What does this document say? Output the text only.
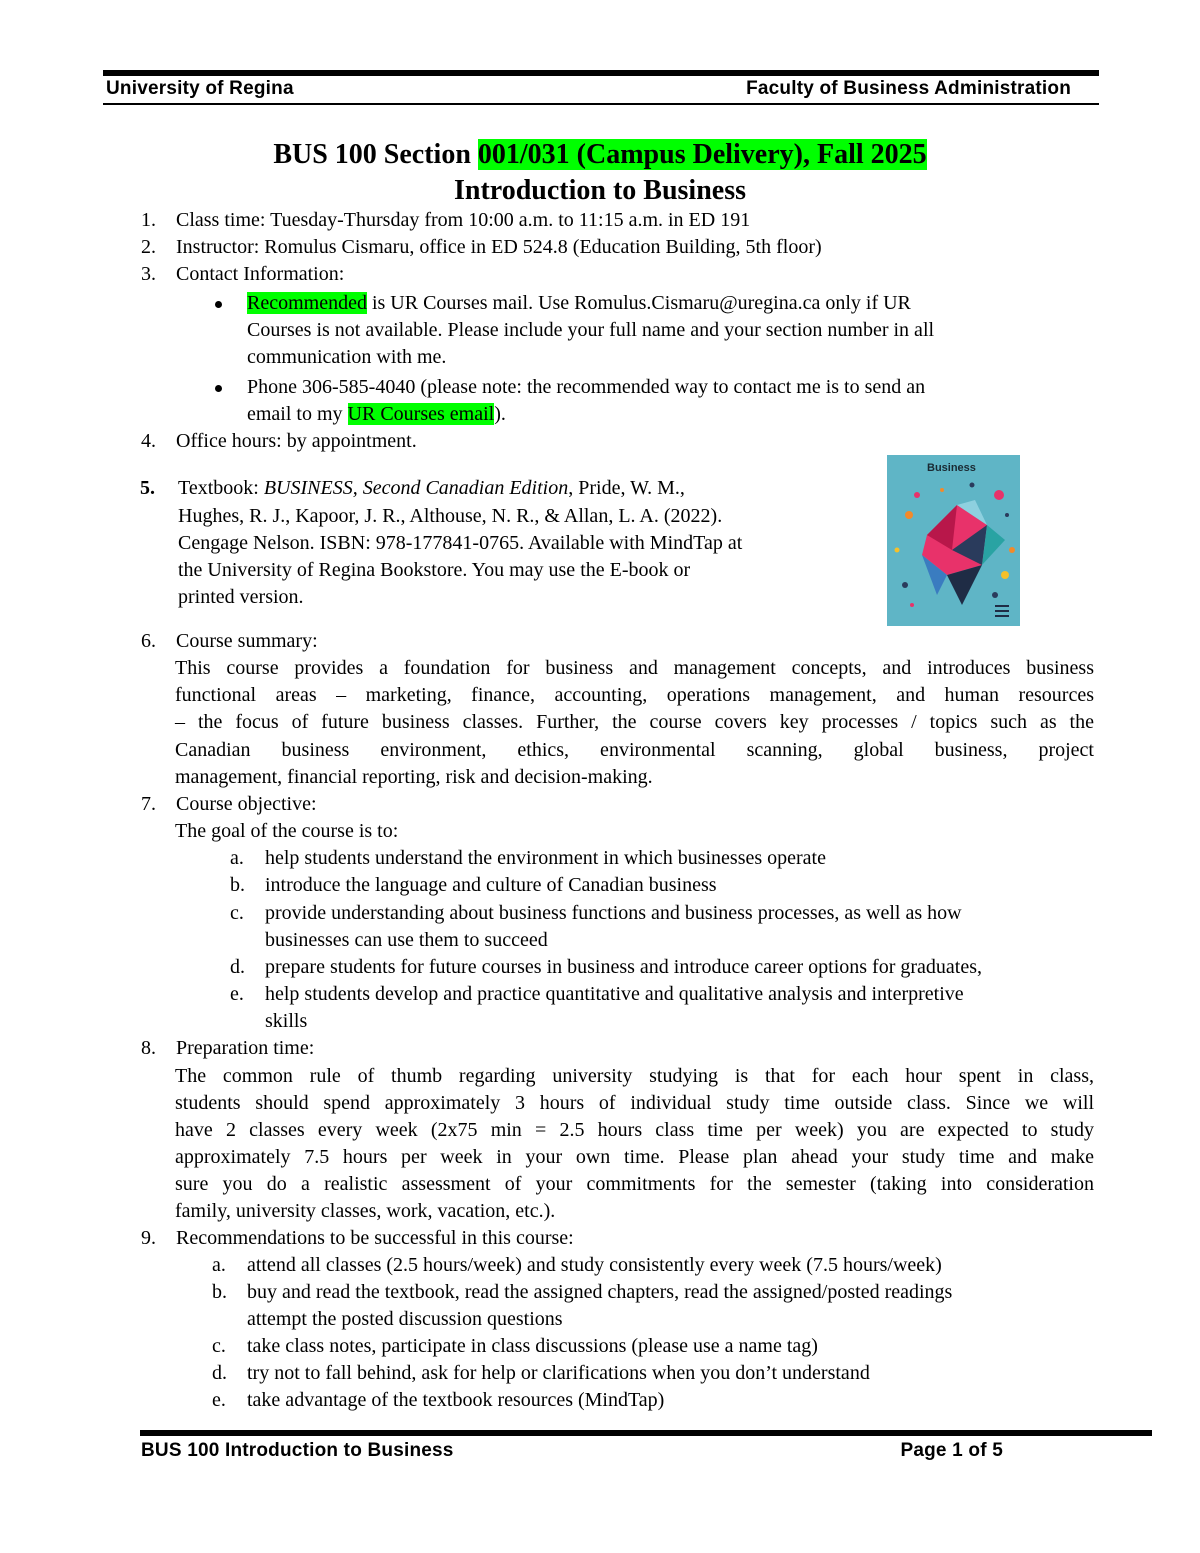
University of Regina	Faculty of Business Administration
BUS 100 Section 001/031 (Campus Delivery), Fall 2025
Introduction to Business
1. Class time: Tuesday-Thursday from 10:00 a.m. to 11:15 a.m. in ED 191
2. Instructor: Romulus Cismaru, office in ED 524.8 (Education Building, 5th floor)
3. Contact Information:
Recommended is UR Courses mail. Use Romulus.Cismaru@uregina.ca only if UR
Courses is not available. Please include your full name and your section number in all
communication with me.
Phone 306-585-4040 (please note: the recommended way to contact me is to send an
email to my UR Courses email).
4. Office hours: by appointment.
5. Textbook: BUSINESS, Second Canadian Edition, Pride, W. M.,
Hughes, R. J., Kapoor, J. R., Althouse, N. R., & Allan, L. A. (2022).
Cengage Nelson. ISBN: 978-177841-0765. Available with MindTap at
the University of Regina Bookstore. You may use the E-book or
printed version.
Business
6. Course summary:
This course provides a foundation for business and management concepts, and introduces business
functional areas – marketing, finance, accounting, operations management, and human resources
– the focus of future business classes. Further, the course covers key processes / topics such as the
Canadian business environment, ethics, environmental scanning, global business, project
management, financial reporting, risk and decision-making.
7. Course objective:
The goal of the course is to:
a. help students understand the environment in which businesses operate
b. introduce the language and culture of Canadian business
c. provide understanding about business functions and business processes, as well as how
businesses can use them to succeed
d. prepare students for future courses in business and introduce career options for graduates,
e. help students develop and practice quantitative and qualitative analysis and interpretive
skills
8. Preparation time:
The common rule of thumb regarding university studying is that for each hour spent in class,
students should spend approximately 3 hours of individual study time outside class. Since we will
have 2 classes every week (2x75 min = 2.5 hours class time per week) you are expected to study
approximately 7.5 hours per week in your own time. Please plan ahead your study time and make
sure you do a realistic assessment of your commitments for the semester (taking into consideration
family, university classes, work, vacation, etc.).
9. Recommendations to be successful in this course:
a. attend all classes (2.5 hours/week) and study consistently every week (7.5 hours/week)
b. buy and read the textbook, read the assigned chapters, read the assigned/posted readings
attempt the posted discussion questions
c. take class notes, participate in class discussions (please use a name tag)
d. try not to fall behind, ask for help or clarifications when you don’t understand
e. take advantage of the textbook resources (MindTap)
BUS 100 Introduction to Business	Page 1 of 5
